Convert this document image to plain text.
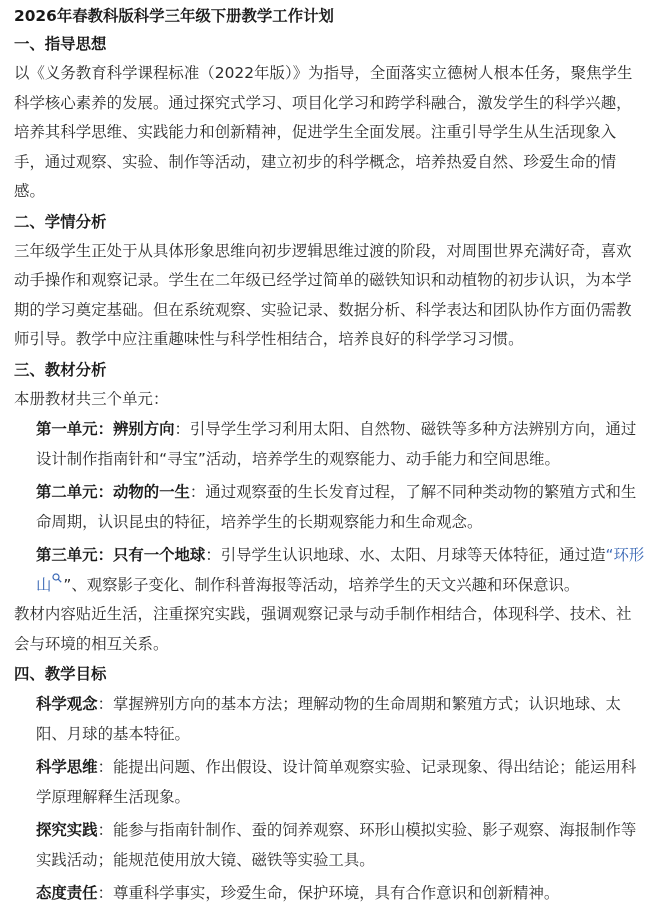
2026年春教科版科学三年级下册教学工作计划
一、指导思想
以《义务教育科学课程标准（2022年版）》为指导，全面落实立德树人根本任务，聚焦学生科学核心素养的发展。通过探究式学习、项目化学习和跨学科融合，激发学生的科学兴趣，培养其科学思维、实践能力和创新精神，促进学生全面发展。注重引导学生从生活现象入手，通过观察、实验、制作等活动，建立初步的科学概念，培养热爱自然、珍爱生命的情感。
二、学情分析
三年级学生正处于从具体形象思维向初步逻辑思维过渡的阶段，对周围世界充满好奇，喜欢动手操作和观察记录。学生在二年级已经学过简单的磁铁知识和动植物的初步认识，为本学期的学习奠定基础。但在系统观察、实验记录、数据分析、科学表达和团队协作方面仍需教师引导。教学中应注重趣味性与科学性相结合，培养良好的科学学习习惯。
三、教材分析
本册教材共三个单元：
第一单元：辨别方向：引导学生学习利用太阳、自然物、磁铁等多种方法辨别方向，通过设计制作指南针和“寻宝”活动，培养学生的观察能力、动手能力和空间思维。
第二单元：动物的一生：通过观察蚕的生长发育过程，了解不同种类动物的繁殖方式和生命周期，认识昆虫的特征，培养学生的长期观察能力和生命观念。
第三单元：只有一个地球：引导学生认识地球、水、太阳、月球等天体特征，通过造“环形山 ”、观察影子变化、制作科普海报等活动，培养学生的天文兴趣和环保意识。
教材内容贴近生活，注重探究实践，强调观察记录与动手制作相结合，体现科学、技术、社会与环境的相互关系。
四、教学目标
科学观念：掌握辨别方向的基本方法；理解动物的生命周期和繁殖方式；认识地球、太阳、月球的基本特征。
科学思维：能提出问题、作出假设、设计简单观察实验、记录现象、得出结论；能运用科学原理解释生活现象。
探究实践：能参与指南针制作、蚕的饲养观察、环形山模拟实验、影子观察、海报制作等实践活动；能规范使用放大镜、磁铁等实验工具。
态度责任：尊重科学事实，珍爱生命，保护环境，具有合作意识和创新精神。
